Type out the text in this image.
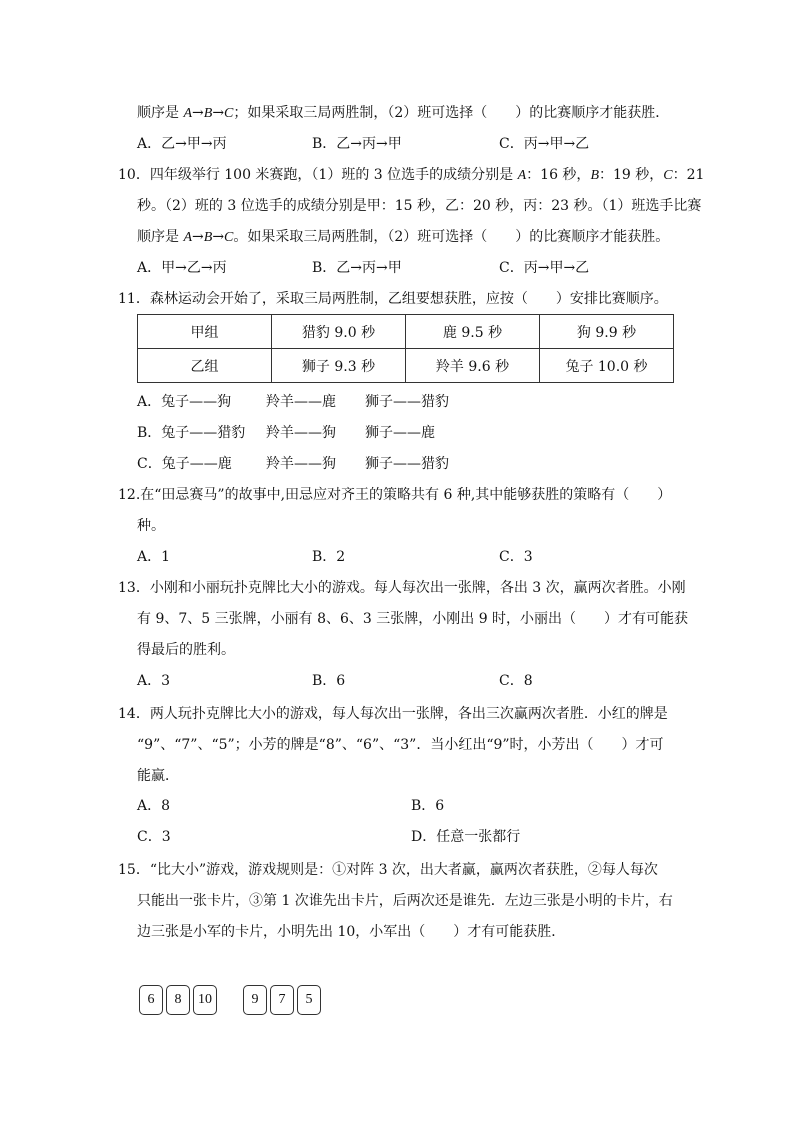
顺序是 A→B→C；如果采取三局两胜制，（2）班可选择（　　）的比赛顺序才能获胜．
A．乙→甲→丙	B．乙→丙→甲	C．丙→甲→乙
10．四年级举行 100 米赛跑，（1）班的 3 位选手的成绩分别是 A：16 秒，B：19 秒，C：21
秒。（2）班的 3 位选手的成绩分别是甲：15 秒，乙：20 秒，丙：23 秒。（1）班选手比赛
顺序是 A→B→C。如果采取三局两胜制，（2）班可选择（　　）的比赛顺序才能获胜。
A．甲→乙→丙	B．乙→丙→甲	C．丙→甲→乙
11．森林运动会开始了，采取三局两胜制，乙组要想获胜，应按（　　）安排比赛顺序。
甲组	猎豹 9.0 秒	鹿 9.5 秒	狗 9.9 秒
乙组	狮子 9.3 秒	羚羊 9.6 秒	兔子 10.0 秒
A．兔子——狗 羚羊——鹿 狮子——猎豹
B．兔子——猎豹 羚羊——狗 狮子——鹿
C．兔子——鹿 羚羊——狗 狮子——猎豹
12.在“田忌赛马”的故事中,田忌应对齐王的策略共有 6 种,其中能够获胜的策略有（　　）
种。
A．1	B．2	C．3
13．小刚和小丽玩扑克牌比大小的游戏。每人每次出一张牌，各出 3 次，赢两次者胜。小刚
有 9、7、5 三张牌，小丽有 8、6、3 三张牌，小刚出 9 时，小丽出（　　）才有可能获
得最后的胜利。
A．3	B．6	C．8
14．两人玩扑克牌比大小的游戏，每人每次出一张牌，各出三次赢两次者胜．小红的牌是
“9”、“7”、“5”；小芳的牌是“8”、“6”、“3”．当小红出“9”时，小芳出（　　）才可
能赢．
A．8	B．6
C．3	D．任意一张都行
15．“比大小”游戏，游戏规则是：①对阵 3 次，出大者赢，赢两次者获胜，②每人每次
只能出一张卡片，③第 1 次谁先出卡片，后两次还是谁先．左边三张是小明的卡片，右
边三张是小军的卡片，小明先出 10，小军出（　　）才有可能获胜．
6	8	10	9	7	5
